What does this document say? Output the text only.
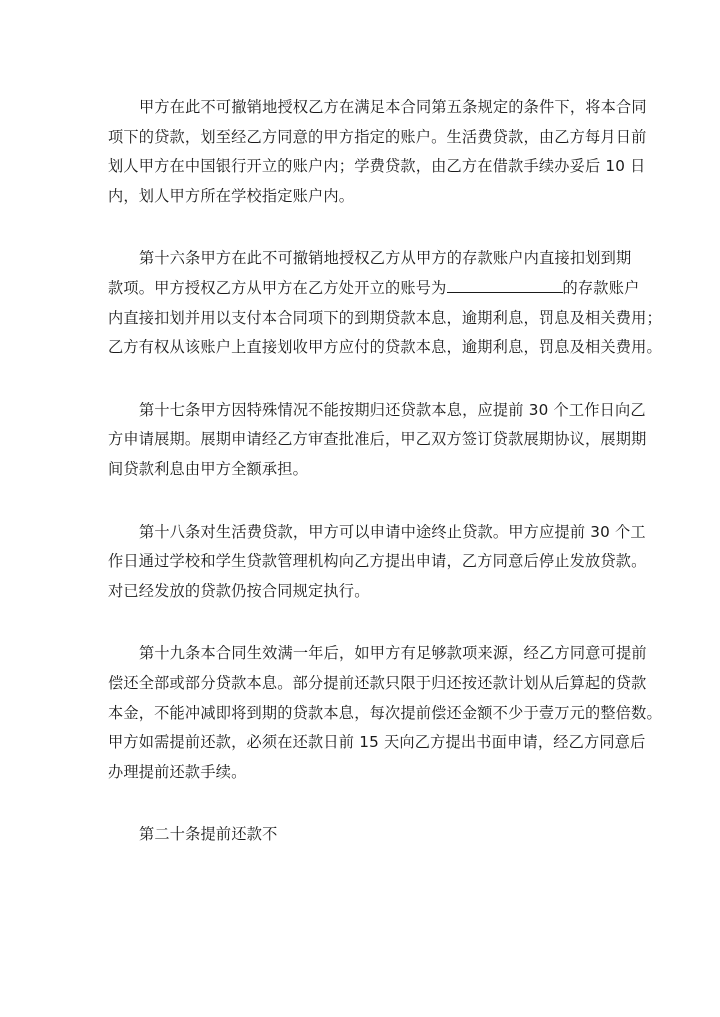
甲方在此不可撤销地授权乙方在满足本合同第五条规定的条件下，将本合同
项下的贷款，划至经乙方同意的甲方指定的账户。生活费贷款，由乙方每月日前
划人甲方在中国银行开立的账户内；学费贷款，由乙方在借款手续办妥后 10 日
内，划人甲方所在学校指定账户内。

第十六条甲方在此不可撤销地授权乙方从甲方的存款账户内直接扣划到期
款项。甲方授权乙方从甲方在乙方处开立的账号为	的存款账户
内直接扣划并用以支付本合同项下的到期贷款本息，逾期利息，罚息及相关费用；
乙方有权从该账户上直接划收甲方应付的贷款本息，逾期利息，罚息及相关费用。

第十七条甲方因特殊情况不能按期归还贷款本息，应提前 30 个工作日向乙
方申请展期。展期申请经乙方审查批准后，甲乙双方签订贷款展期协议，展期期
间贷款利息由甲方全额承担。

第十八条对生活费贷款，甲方可以申请中途终止贷款。甲方应提前 30 个工
作日通过学校和学生贷款管理机构向乙方提出申请，乙方同意后停止发放贷款。
对已经发放的贷款仍按合同规定执行。

第十九条本合同生效满一年后，如甲方有足够款项来源，经乙方同意可提前
偿还全部或部分贷款本息。部分提前还款只限于归还按还款计划从后算起的贷款
本金，不能冲减即将到期的贷款本息，每次提前偿还金额不少于壹万元的整倍数。
甲方如需提前还款，必须在还款日前 15 天向乙方提出书面申请，经乙方同意后
办理提前还款手续。

第二十条提前还款不
